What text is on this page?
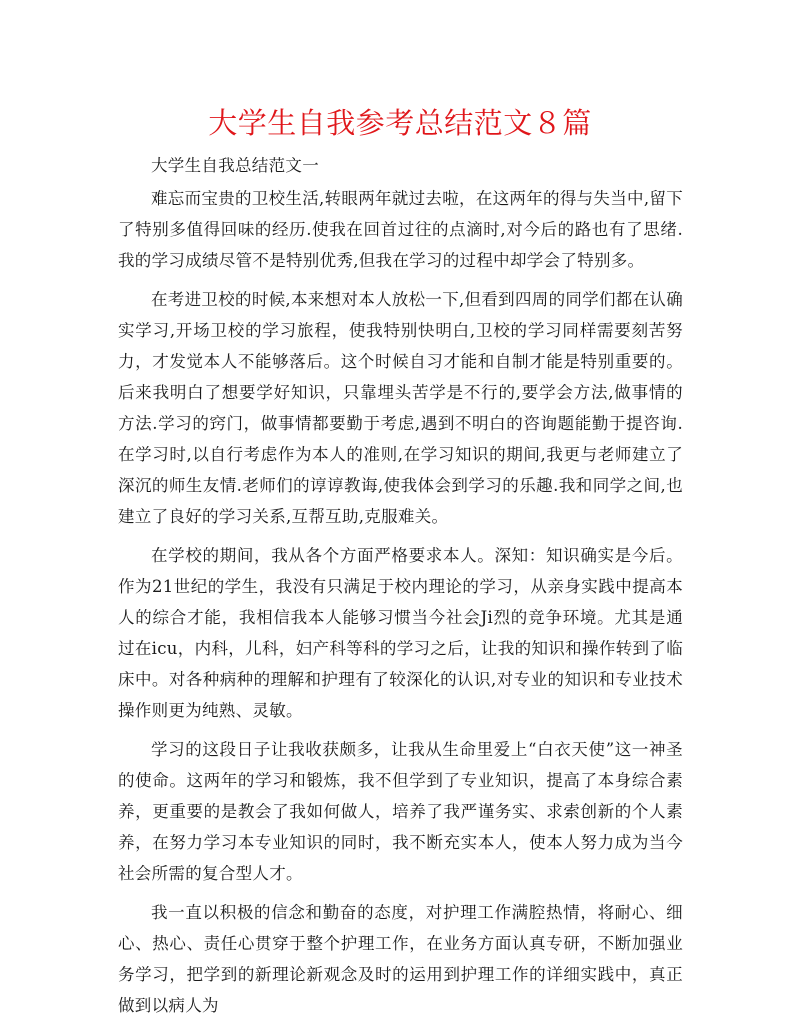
大学生自我参考总结范文８篇

大学生自我总结范文一

难忘而宝贵的卫校生活,转眼两年就过去啦，在这两年的得与失当中,留下了特别多值得回味的经历.使我在回首过往的点滴时,对今后的路也有了思绪.我的学习成绩尽管不是特别优秀,但我在学习的过程中却学会了特别多。

在考进卫校的时候,本来想对本人放松一下,但看到四周的同学们都在认确实学习,开场卫校的学习旅程，使我特别快明白,卫校的学习同样需要刻苦努力，才发觉本人不能够落后。这个时候自习才能和自制才能是特别重要的。后来我明白了想要学好知识，只靠埋头苦学是不行的,要学会方法,做事情的方法.学习的窍门，做事情都要勤于考虑,遇到不明白的咨询题能勤于提咨询.在学习时,以自行考虑作为本人的准则,在学习知识的期间,我更与老师建立了深沉的师生友情.老师们的谆谆教诲,使我体会到学习的乐趣.我和同学之间,也建立了良好的学习关系,互帮互助,克服难关。

在学校的期间，我从各个方面严格要求本人。深知：知识确实是今后。作为21世纪的学生，我没有只满足于校内理论的学习，从亲身实践中提高本人的综合才能，我相信我本人能够习惯当今社会Ji烈的竞争环境。尤其是通过在icu，内科，儿科，妇产科等科的学习之后，让我的知识和操作转到了临床中。对各种病种的理解和护理有了较深化的认识,对专业的知识和专业技术操作则更为纯熟、灵敏。

学习的这段日子让我收获颇多，让我从生命里爱上“白衣天使”这一神圣的使命。这两年的学习和锻炼，我不但学到了专业知识，提高了本身综合素养，更重要的是教会了我如何做人，培养了我严谨务实、求索创新的个人素养，在努力学习本专业知识的同时，我不断充实本人，使本人努力成为当今社会所需的复合型人才。

我一直以积极的信念和勤奋的态度，对护理工作满腔热情，将耐心、细心、热心、责任心贯穿于整个护理工作，在业务方面认真专研，不断加强业务学习，把学到的新理论新观念及时的运用到护理工作的详细实践中，真正做到以病人为
